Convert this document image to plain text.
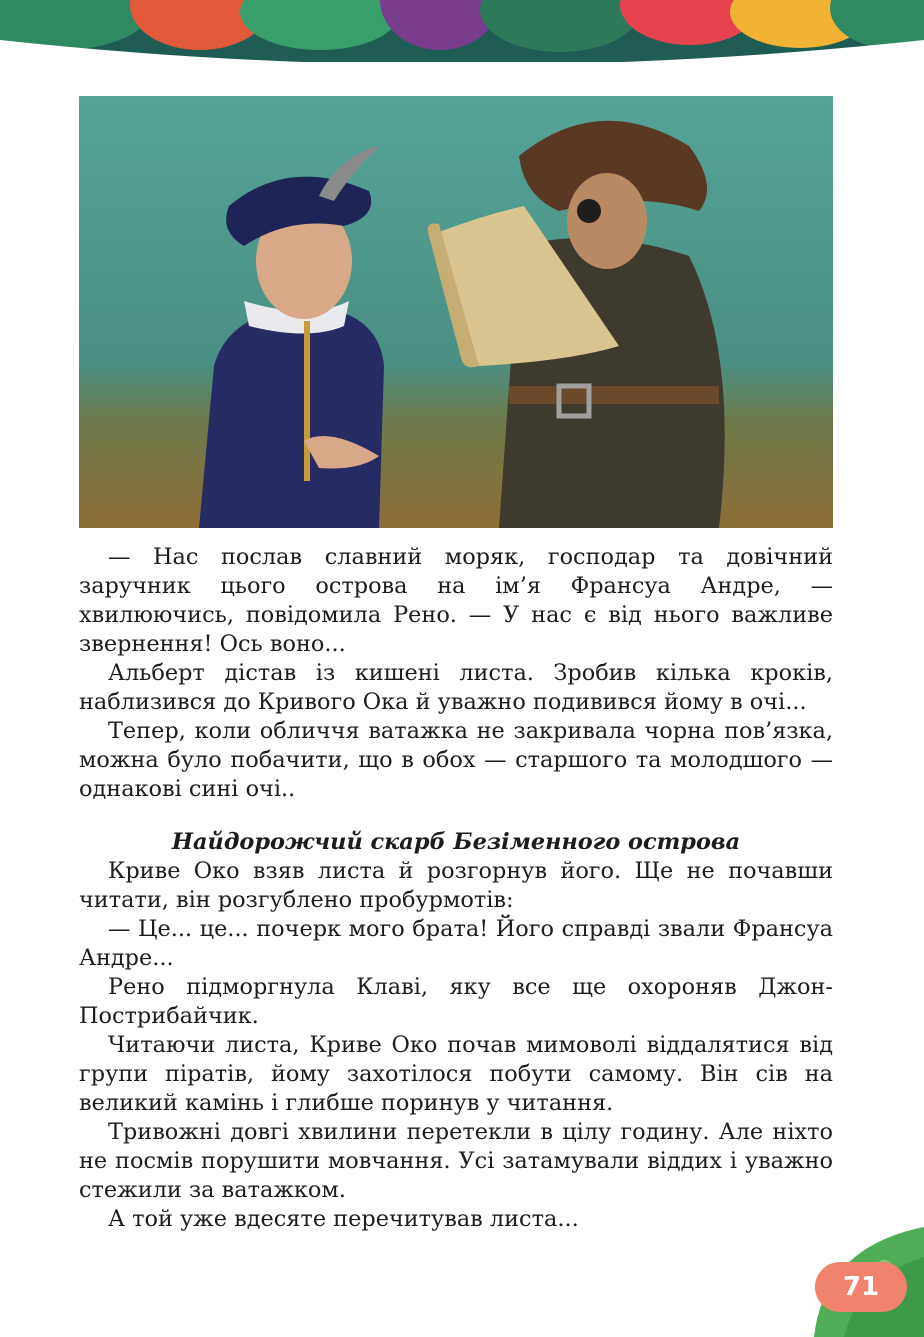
— Нас послав славний моряк, господар та довічний заручник цього острова на ім’я Франсуа Андре, — хвилюючись, повідомила Рено. — У нас є від нього важливе звернення! Ось воно...

Альберт дістав із кишені листа. Зробив кілька кроків, наблизився до Кривого Ока й уважно подивився йому в очі...

Тепер, коли обличчя ватажка не закривала чорна пов’язка, можна було побачити, що в обох — старшого та молодшого — однакові сині очі..

Найдорожчий скарб Безіменного острова

Криве Око взяв листа й розгорнув його. Ще не почавши читати, він розгублено пробурмотів:

— Це... це... почерк мого брата! Його справді звали Франсуа Андре...

Рено підморгнула Клаві, яку все ще охороняв Джон-Пострибайчик.

Читаючи листа, Криве Око почав мимоволі віддалятися від групи піратів, йому захотілося побути самому. Він сів на великий камінь і глибше поринув у читання.

Тривожні довгі хвилини перетекли в цілу годину. Але ніхто не посмів порушити мовчання. Усі затамували віддих і уважно стежили за ватажком.

А той уже вдесяте перечитував листа...

71
